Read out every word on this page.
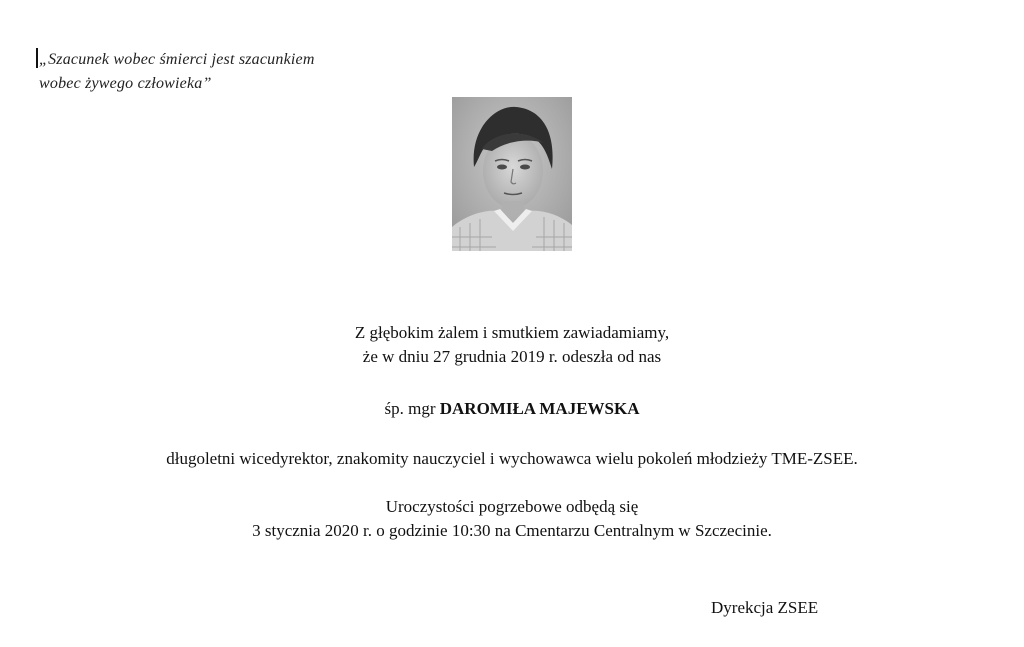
„Szacunek wobec śmierci jest szacunkiem
wobec żywego człowieka”
Z głębokim żalem i smutkiem zawiadamiamy,
że w dniu 27 grudnia 2019 r. odeszła od nas
śp. mgr DAROMIŁA MAJEWSKA
długoletni wicedyrektor, znakomity nauczyciel i wychowawca wielu pokoleń młodzieży TME-ZSEE.
Uroczystości pogrzebowe odbędą się
3 stycznia 2020 r. o godzinie 10:30 na Cmentarzu Centralnym w Szczecinie.
Dyrekcja ZSEE
